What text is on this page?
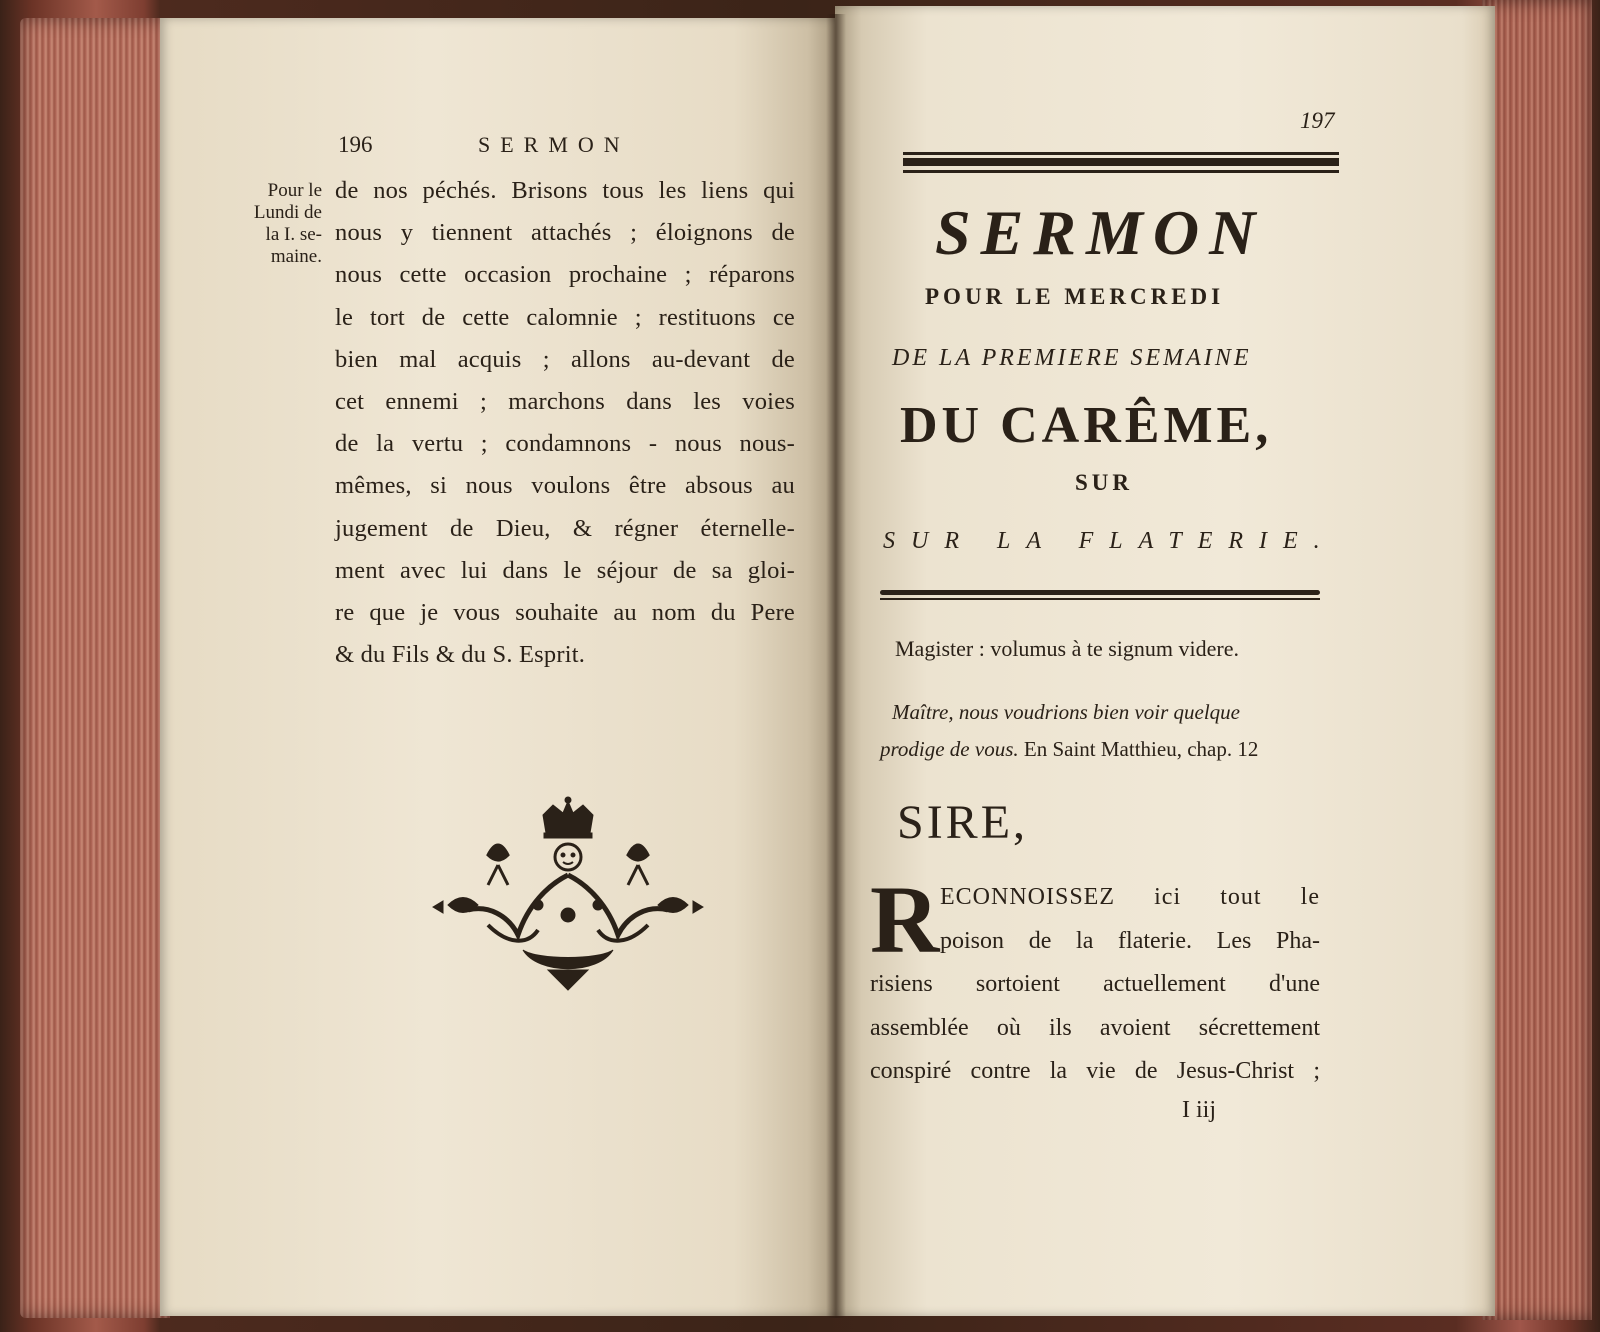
196	SERMON
Pour le
Lundi de
la I. se-
maine.
de nos péchés. Brisons tous les liens qui
nous y tiennent attachés ; éloignons de
nous cette occasion prochaine ; réparons
le tort de cette calomnie ; restituons ce
bien mal acquis ; allons au-devant de
cet ennemi ; marchons dans les voies
de la vertu ; condamnons - nous nous-
mêmes, si nous voulons être absous au
jugement de Dieu, & régner éternelle-
ment avec lui dans le séjour de sa gloi-
re que je vous souhaite au nom du Pere
& du Fils & du S. Esprit.
197
SERMON
POUR LE MERCREDI
DE LA PREMIERE SEMAINE
DU CARÊME,
SUR
SUR LA FLATERIE.
Magister : volumus à te signum videre.
Maître, nous voudrions bien voir quelque
prodige de vous. En Saint Matthieu, chap. 12
SIRE,
R ECONNOISSEZ ici tout le
poison de la flaterie. Les Pha-
risiens sortoient actuellement d'une
assemblée où ils avoient sécrettement
conspiré contre la vie de Jesus-Christ ;
I iij
